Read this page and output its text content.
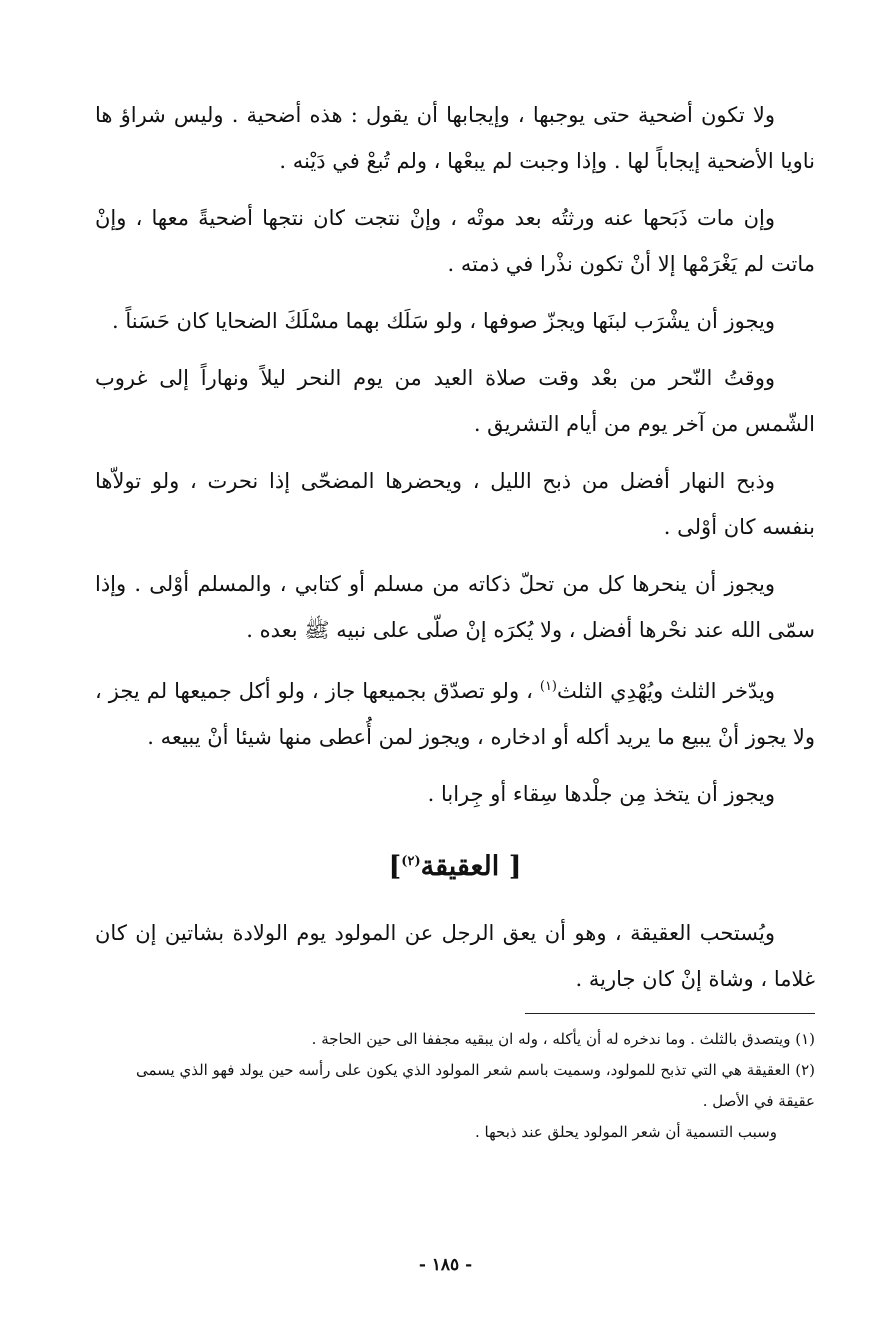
ولا تكون أضحية حتى يوجبها ، وإيجابها أن يقول : هذه أضحية . وليس شراؤ ها ناويا الأضحية إيجاباً لها . وإذا وجبت لم يبعْها ، ولم تُبعْ في دَيْنه .

وإن مات ذَبَحها عنه ورثتُه بعد موتْه ، وإنْ نتجت كان نتجها أضحيةً معها ، وإنْ ماتت لم يَغْرَمْها إلا أنْ تكون نذْرا في ذمته .

ويجوز أن يشْرَب لبنَها ويجزّ صوفها ، ولو سَلَك بهما مسْلَكَ الضحايا كان حَسَناً .

ووقتُ النّحر من بعْد وقت صلاة العيد من يوم النحر ليلاً ونهاراً إلى غروب الشّمس من آخر يوم من أيام التشريق .

وذبح النهار أفضل من ذبح الليل ، ويحضرها المضحّى إذا نحرت ، ولو تولاّها بنفسه كان أوْلى .

ويجوز أن ينحرها كل من تحلّ ذكاته من مسلم أو كتابي ، والمسلم أوْلى . وإذا سمّى الله عند نحْرها أفضل ، ولا يُكرَه إنْ صلّى على نبيه ﷺ بعده .

ويدّخر الثلث ويُهْدِي الثلث$^{(١)}$ ، ولو تصدّق بجميعها جاز ، ولو أكل جميعها لم يجز ، ولا يجوز أنْ يبيع ما يريد أكله أو ادخاره ، ويجوز لمن أُعطى منها شيئا أنْ يبيعه .

ويجوز أن يتخذ مِن جلْدها سِقاء أو جِرابا .

[ العقيقة$^{(٢)}$]

ويُستحب العقيقة ، وهو أن يعق الرجل عن المولود يوم الولادة بشاتين إن كان غلاما ، وشاة إنْ كان جارية .

(١) ويتصدق بالثلث . وما ندخره له أن يأكله ، وله ان يبقيه مجففا الى حين الحاجة .

(٢) العقيقة هي التي تذبح للمولود، وسميت باسم شعر المولود الذي يكون على رأسه حين يولد فهو الذي يسمى عقيقة في الأصل .

وسبب التسمية أن شعر المولود يحلق عند ذبحها .

- ١٨٥ -
